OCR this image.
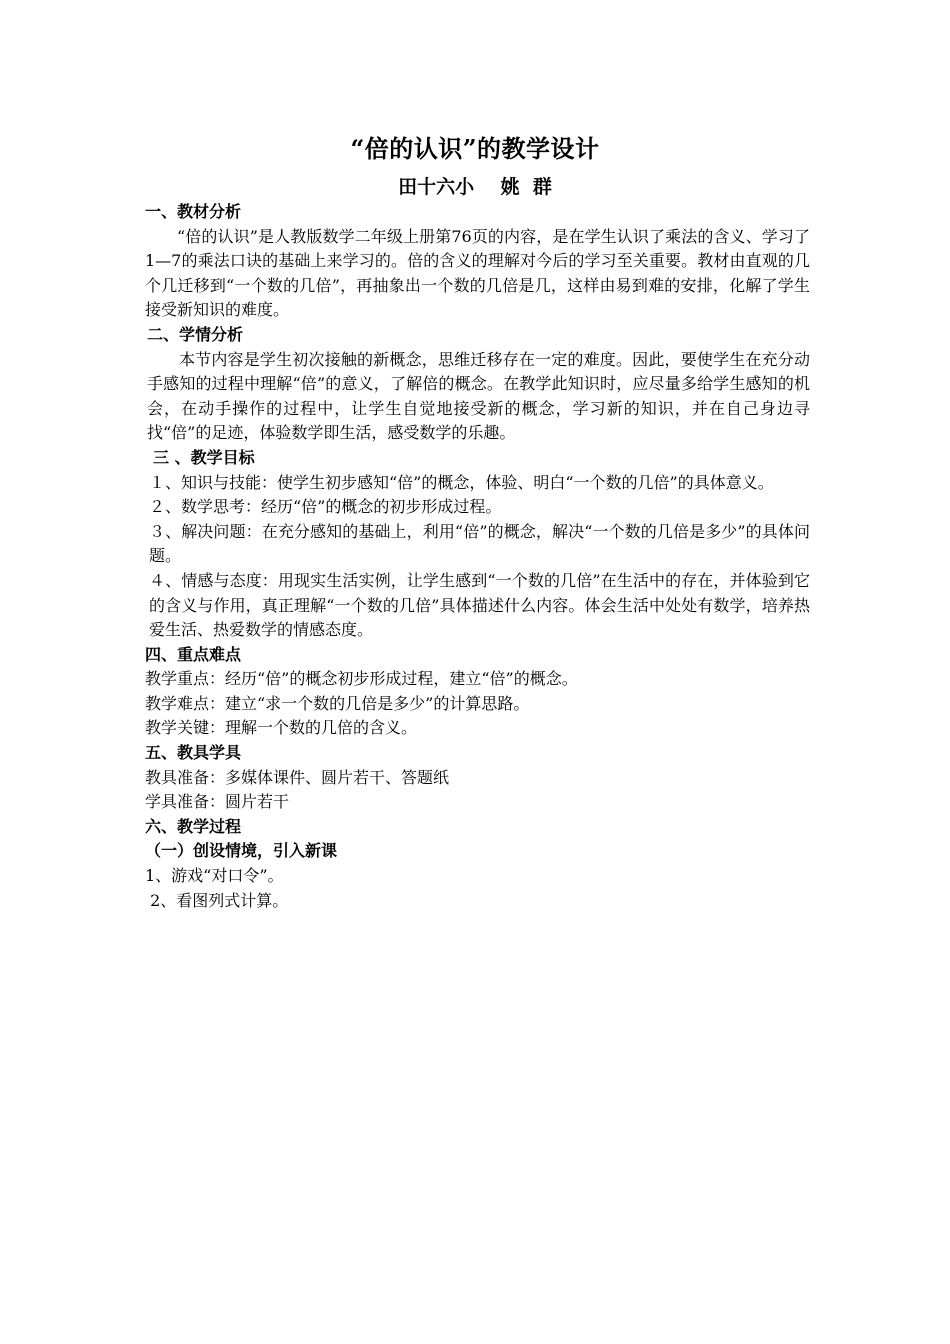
“倍的认识”的教学设计
田十六小    姚  群
一、教材分析
“倍的认识”是人教版数学二年级上册第76页的内容，是在学生认识了乘法的含义、学习了1—7的乘法口诀的基础上来学习的。倍的含义的理解对今后的学习至关重要。教材由直观的几个几迁移到“一个数的几倍”，再抽象出一个数的几倍是几，这样由易到难的安排，化解了学生接受新知识的难度。
二、学情分析
本节内容是学生初次接触的新概念，思维迁移存在一定的难度。因此，要使学生在充分动手感知的过程中理解“倍”的意义，了解倍的概念。在教学此知识时，应尽量多给学生感知的机会，在动手操作的过程中，让学生自觉地接受新的概念，学习新的知识，并在自己身边寻找“倍”的足迹，体验数学即生活，感受数学的乐趣。
三 、教学目标
１、知识与技能：使学生初步感知“倍”的概念，体验、明白“一个数的几倍”的具体意义。
２、数学思考：经历“倍”的概念的初步形成过程。
３、解决问题：在充分感知的基础上，利用“倍”的概念，解决“一个数的几倍是多少”的具体问题。
４、情感与态度：用现实生活实例，让学生感到“一个数的几倍”在生活中的存在，并体验到它的含义与作用，真正理解“一个数的几倍”具体描述什么内容。体会生活中处处有数学，培养热爱生活、热爱数学的情感态度。
四、重点难点
教学重点：经历“倍”的概念初步形成过程，建立“倍”的概念。
教学难点：建立“求一个数的几倍是多少”的计算思路。
教学关键：理解一个数的几倍的含义。
五、教具学具
教具准备：多媒体课件、圆片若干、答题纸
学具准备：圆片若干
六、教学过程
（一）创设情境，引入新课
1、游戏“对口令”。
2、看图列式计算。
